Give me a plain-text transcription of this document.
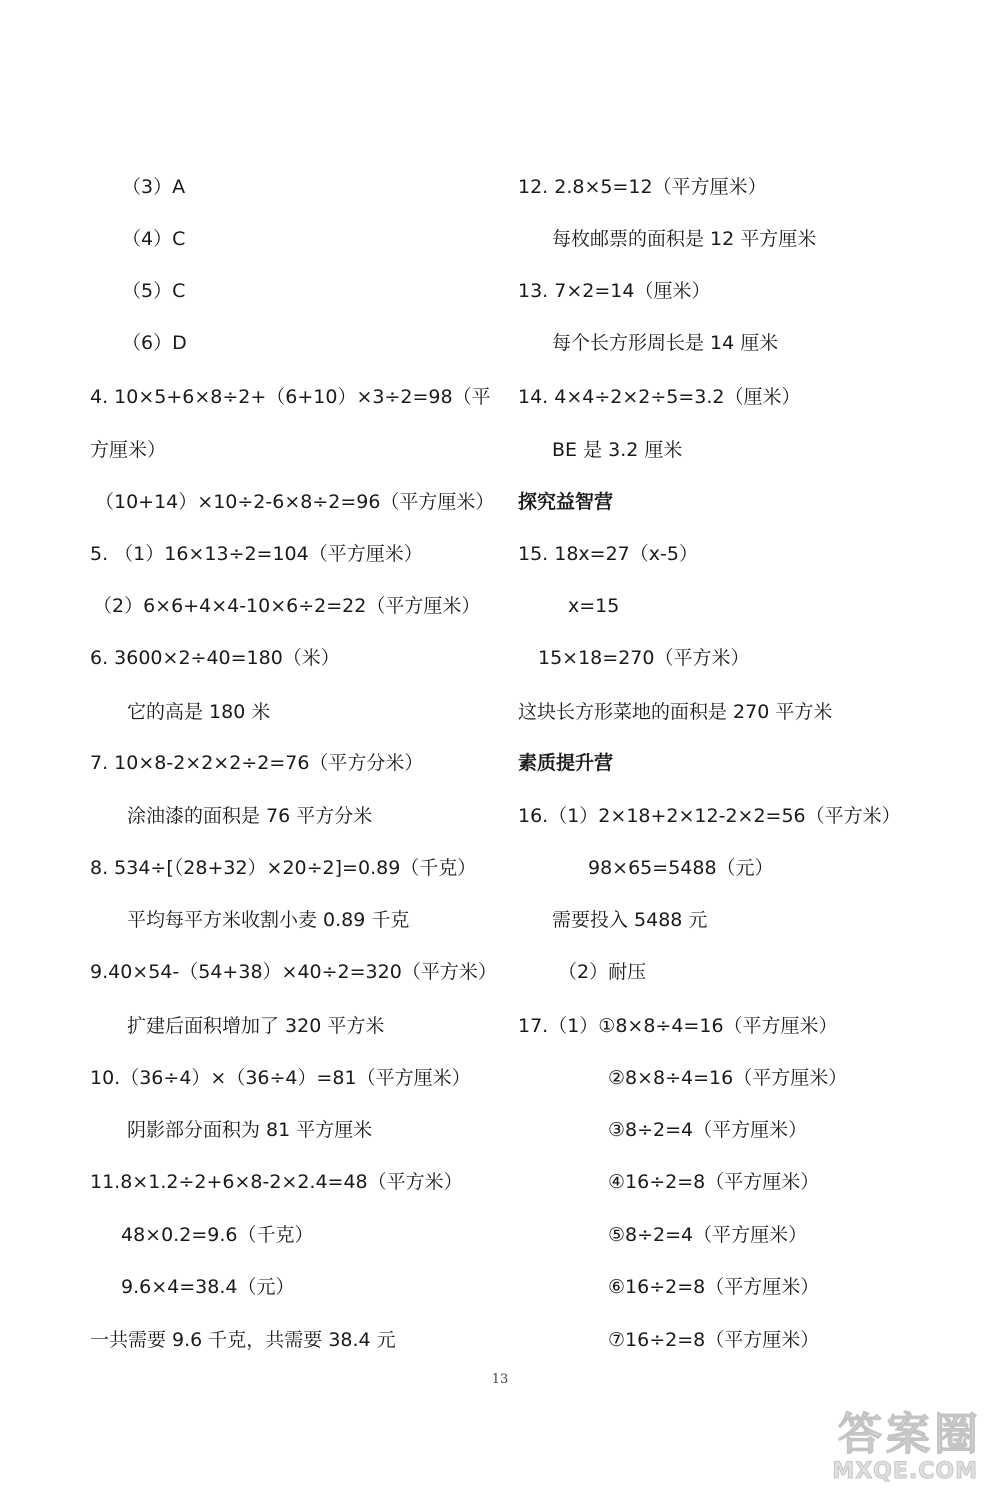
（3）A
（4）C
（5）C
（6）D
4. 10×5+6×8÷2+（6+10）×3÷2=98（平
方厘米）
（10+14）×10÷2-6×8÷2=96（平方厘米）
5. （1）16×13÷2=104（平方厘米）
（2）6×6+4×4-10×6÷2=22（平方厘米）
6. 3600×2÷40=180（米）
它的高是 180 米
7. 10×8-2×2×2÷2=76（平方分米）
涂油漆的面积是 76 平方分米
8. 534÷[（28+32）×20÷2]=0.89（千克）
平均每平方米收割小麦 0.89 千克
9.40×54-（54+38）×40÷2=320（平方米）
扩建后面积增加了 320 平方米
10.（36÷4）×（36÷4）=81（平方厘米）
阴影部分面积为 81 平方厘米
11.8×1.2÷2+6×8-2×2.4=48（平方米）
48×0.2=9.6（千克）
9.6×4=38.4（元）
一共需要 9.6 千克，共需要 38.4 元
12. 2.8×5=12（平方厘米）
每枚邮票的面积是 12 平方厘米
13. 7×2=14（厘米）
每个长方形周长是 14 厘米
14. 4×4÷2×2÷5=3.2（厘米）
BE 是 3.2 厘米
探究益智营
15. 18x=27（x-5）
x=15
15×18=270（平方米）
这块长方形菜地的面积是 270 平方米
素质提升营
16.（1）2×18+2×12-2×2=56（平方米）
98×65=5488（元）
需要投入 5488 元
（2）耐压
17.（1）①8×8÷4=16（平方厘米）
②8×8÷4=16（平方厘米）
③8÷2=4（平方厘米）
④16÷2=8（平方厘米）
⑤8÷2=4（平方厘米）
⑥16÷2=8（平方厘米）
⑦16÷2=8（平方厘米）
13
答案圈
MXQE.COM
